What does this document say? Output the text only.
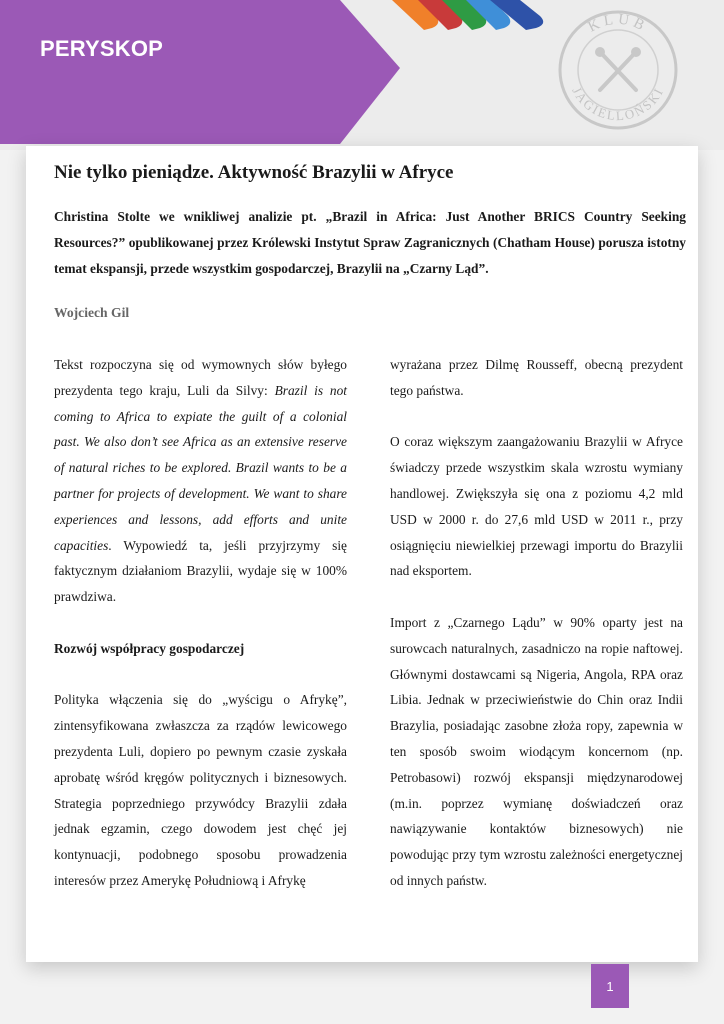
PERYSKOP
KLUB
JAGIELLOŃSKI
Nie tylko pieniądze. Aktywność Brazylii w Afryce

Christina Stolte we wnikliwej analizie pt. „Brazil in Africa: Just Another BRICS Country Seeking Resources?” opublikowanej przez Królewski Instytut Spraw Zagranicznych (Chatham House) porusza istotny temat ekspansji, przede wszystkim gospodarczej, Brazylii na „Czarny Ląd”.

Wojciech Gil

Tekst rozpoczyna się od wymownych słów byłego prezydenta tego kraju, Luli da Silvy: Brazil is not coming to Africa to expiate the guilt of a colonial past. We also don’t see Africa as an extensive reserve of natural riches to be explored. Brazil wants to be a partner for projects of development. We want to share experiences and lessons, add efforts and unite capacities. Wypowiedź ta, jeśli przyjrzymy się faktycznym działaniom Brazylii, wydaje się w 100% prawdziwa.

Rozwój współpracy gospodarczej

Polityka włączenia się do „wyścigu o Afrykę”, zintensyfikowana zwłaszcza za rządów lewicowego prezydenta Luli, dopiero po pewnym czasie zyskała aprobatę wśród kręgów politycznych i biznesowych. Strategia poprzedniego przywódcy Brazylii zdała jednak egzamin, czego dowodem jest chęć jej kontynuacji, podobnego sposobu prowadzenia interesów przez Amerykę Południową i Afrykę

wyrażana przez Dilmę Rousseff, obecną prezydent tego państwa.

O coraz większym zaangażowaniu Brazylii w Afryce świadczy przede wszystkim skala wzrostu wymiany handlowej. Zwiększyła się ona z poziomu 4,2 mld USD w 2000 r. do 27,6 mld USD w 2011 r., przy osiągnięciu niewielkiej przewagi importu do Brazylii nad eksportem.

Import z „Czarnego Lądu” w 90% oparty jest na surowcach naturalnych, zasadniczo na ropie naftowej. Głównymi dostawcami są Nigeria, Angola, RPA oraz Libia. Jednak w przeciwieństwie do Chin oraz Indii Brazylia, posiadając zasobne złoża ropy, zapewnia w ten sposób swoim wiodącym koncernom (np. Petrobasowi) rozwój ekspansji międzynarodowej (m.in. poprzez wymianę doświadczeń oraz nawiązywanie kontaktów biznesowych) nie powodując przy tym wzrostu zależności energetycznej od innych państw.

1
